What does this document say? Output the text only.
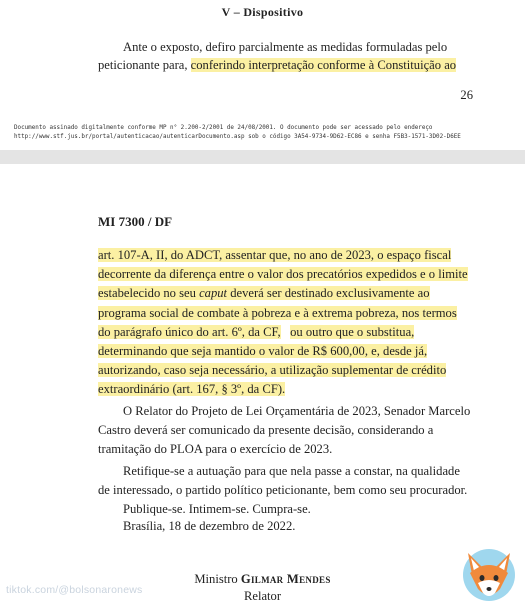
V – Dispositivo
Ante o exposto, defiro parcialmente as medidas formuladas pelo
peticionante para, conferindo interpretação conforme à Constituição ao
26
Documento assinado digitalmente conforme MP n° 2.200-2/2001 de 24/08/2001. O documento pode ser acessado pelo endereço
http://www.stf.jus.br/portal/autenticacao/autenticarDocumento.asp sob o código 3A54-9734-9D62-EC86 e senha F5B3-1571-3D02-D6EE
MI 7300 / DF
art. 107-A, II, do ADCT, assentar que, no ano de 2023, o espaço fiscal
decorrente da diferença entre o valor dos precatórios expedidos e o limite
estabelecido no seu caput deverá ser destinado exclusivamente ao
programa social de combate à pobreza e à extrema pobreza, nos termos
do parágrafo único do art. 6º, da CF, ou outro que o substitua,
determinando que seja mantido o valor de R$ 600,00, e, desde já,
autorizando, caso seja necessário, a utilização suplementar de crédito
extraordinário (art. 167, § 3º, da CF).
O Relator do Projeto de Lei Orçamentária de 2023, Senador Marcelo
Castro deverá ser comunicado da presente decisão, considerando a
tramitação do PLOA para o exercício de 2023.
Retifique-se a autuação para que nela passe a constar, na qualidade
de interessado, o partido político peticionante, bem como seu procurador.
Publique-se. Intimem-se. Cumpra-se.
Brasília, 18 de dezembro de 2022.
Ministro Gilmar Mendes
Relator
tiktok.com/@bolsonaronews
